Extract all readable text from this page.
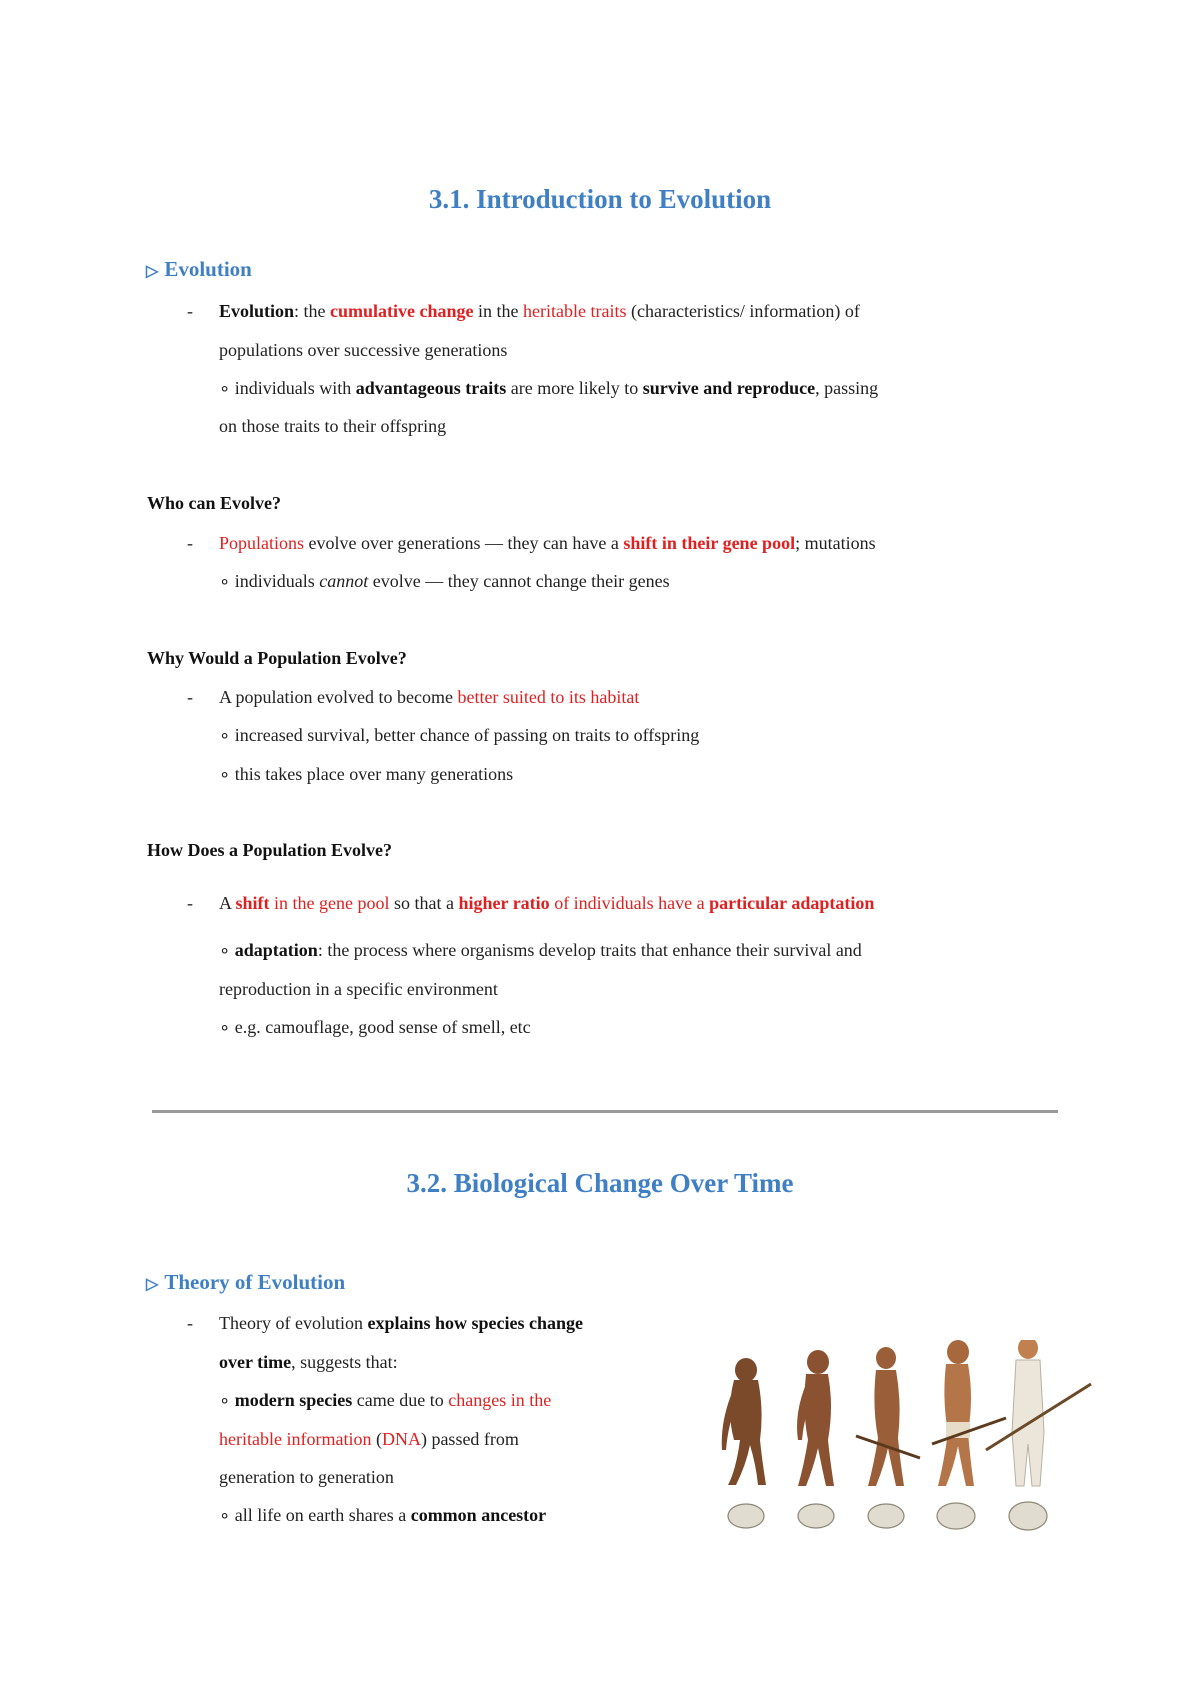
3.1. Introduction to Evolution
▷ Evolution
- Evolution: the cumulative change in the heritable traits (characteristics/ information) of
populations over successive generations
∘ individuals with advantageous traits are more likely to survive and reproduce, passing
on those traits to their offspring
Who can Evolve?
- Populations evolve over generations — they can have a shift in their gene pool; mutations
∘ individuals cannot evolve — they cannot change their genes
Why Would a Population Evolve?
- A population evolved to become better suited to its habitat
∘ increased survival, better chance of passing on traits to offspring
∘ this takes place over many generations
How Does a Population Evolve?
- A shift in the gene pool so that a higher ratio of individuals have a particular adaptation
∘ adaptation: the process where organisms develop traits that enhance their survival and
reproduction in a specific environment
∘ e.g. camouflage, good sense of smell, etc
3.2. Biological Change Over Time
▷ Theory of Evolution
- Theory of evolution explains how species change
over time, suggests that:
∘ modern species came due to changes in the
heritable information (DNA) passed from
generation to generation
∘ all life on earth shares a common ancestor
